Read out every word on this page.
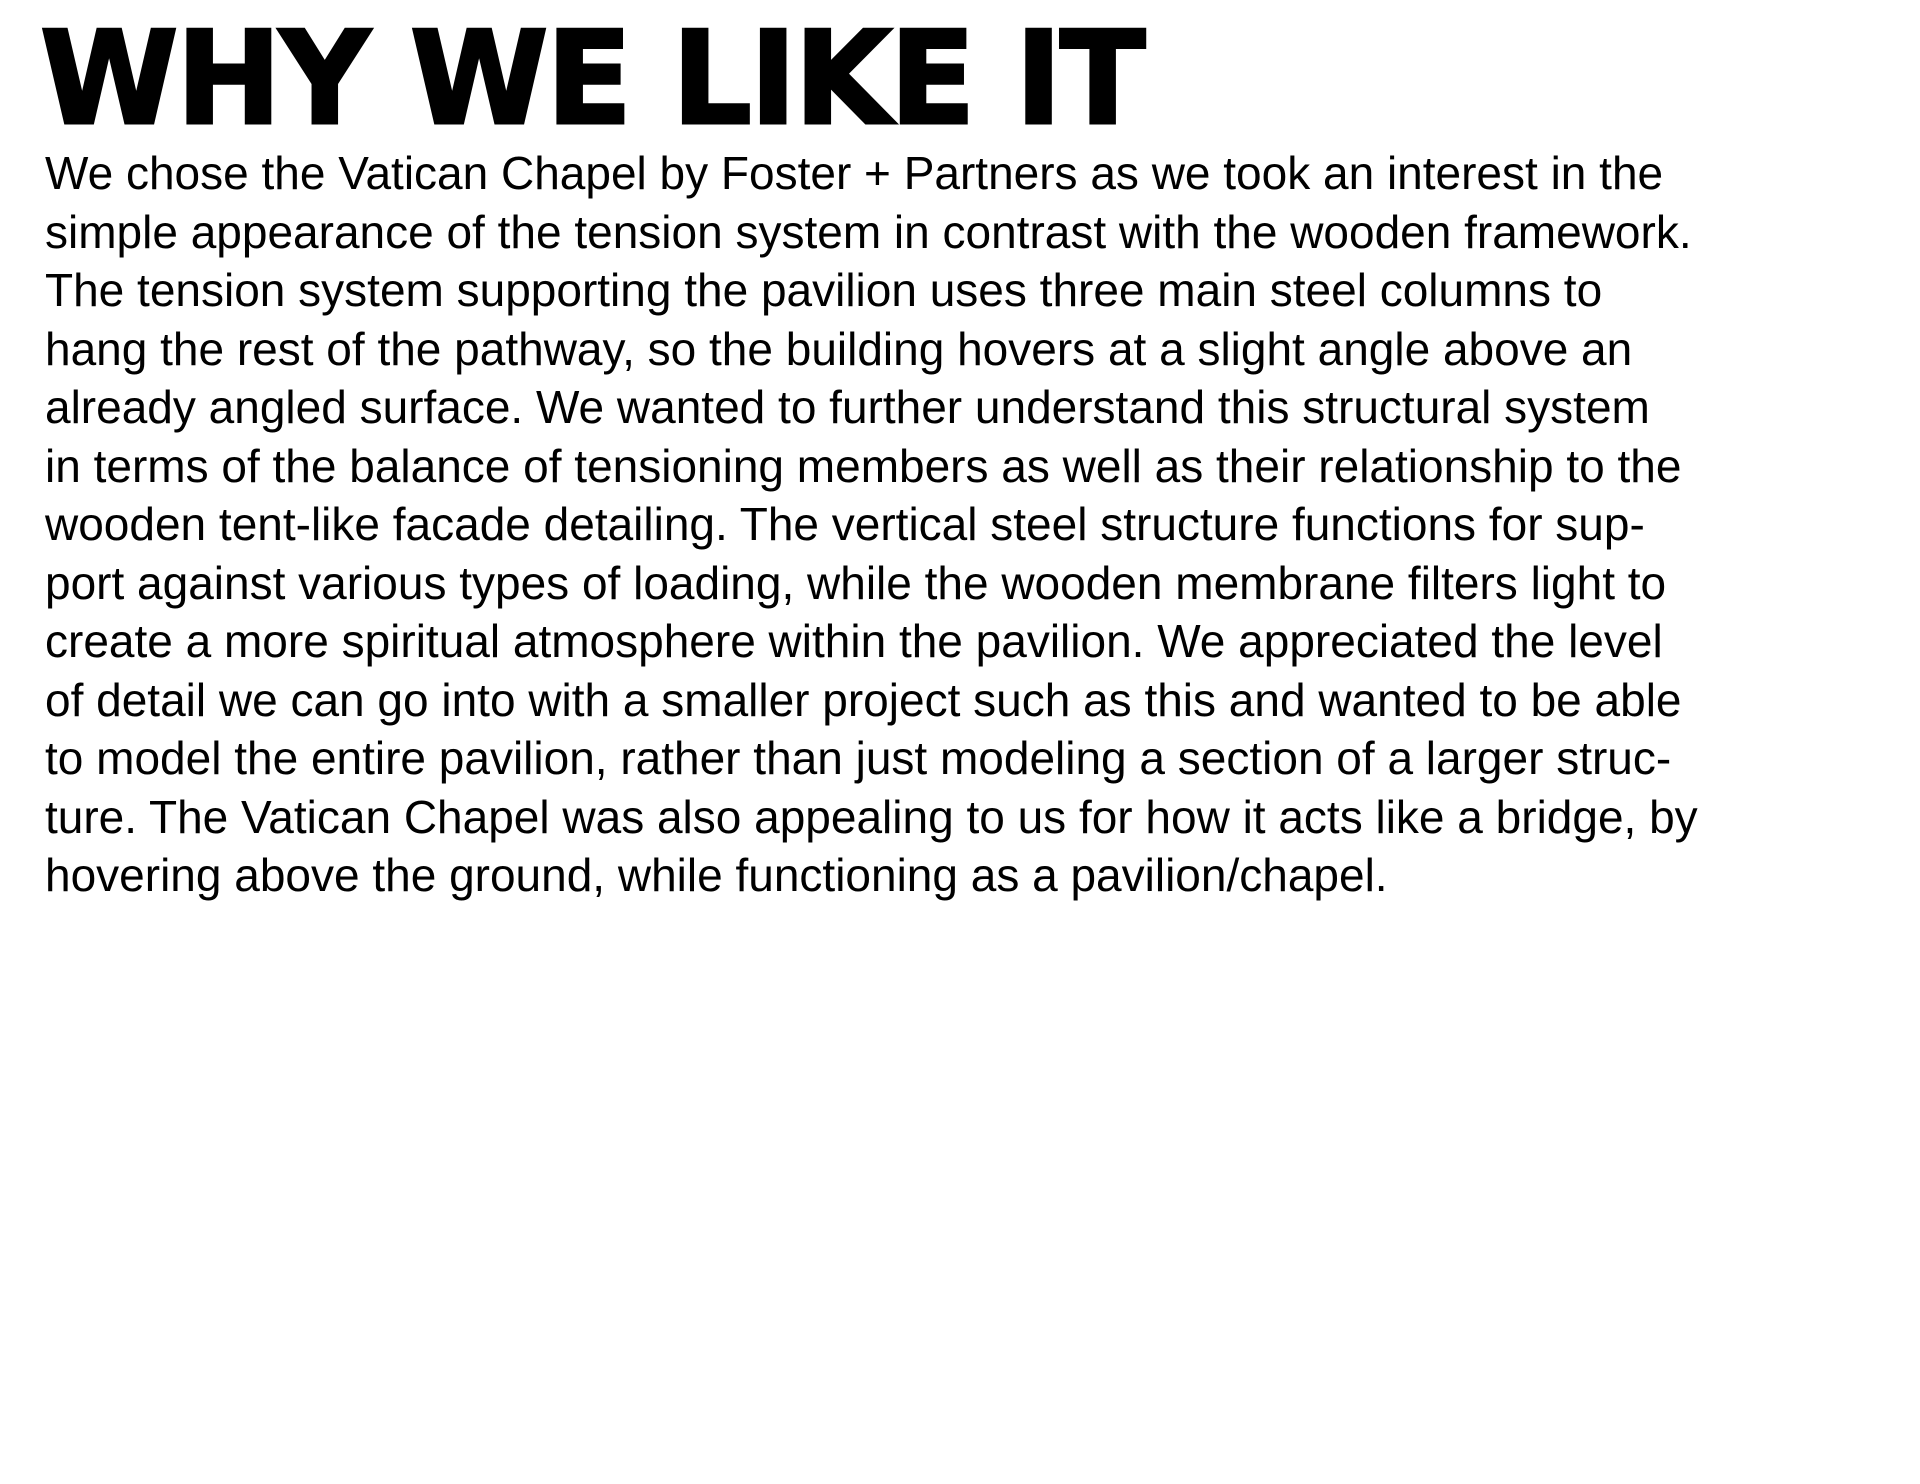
WHY WE LIKE IT
We chose the Vatican Chapel by Foster + Partners as we took an interest in the
simple appearance of the tension system in contrast with the wooden framework.
The tension system supporting the pavilion uses three main steel columns to
hang the rest of the pathway, so the building hovers at a slight angle above an
already angled surface. We wanted to further understand this structural system
in terms of the balance of tensioning members as well as their relationship to the
wooden tent-like facade detailing. The vertical steel structure functions for sup-
port against various types of loading, while the wooden membrane filters light to
create a more spiritual atmosphere within the pavilion. We appreciated the level
of detail we can go into with a smaller project such as this and wanted to be able
to model the entire pavilion, rather than just modeling a section of a larger struc-
ture. The Vatican Chapel was also appealing to us for how it acts like a bridge, by
hovering above the ground, while functioning as a pavilion/chapel.
